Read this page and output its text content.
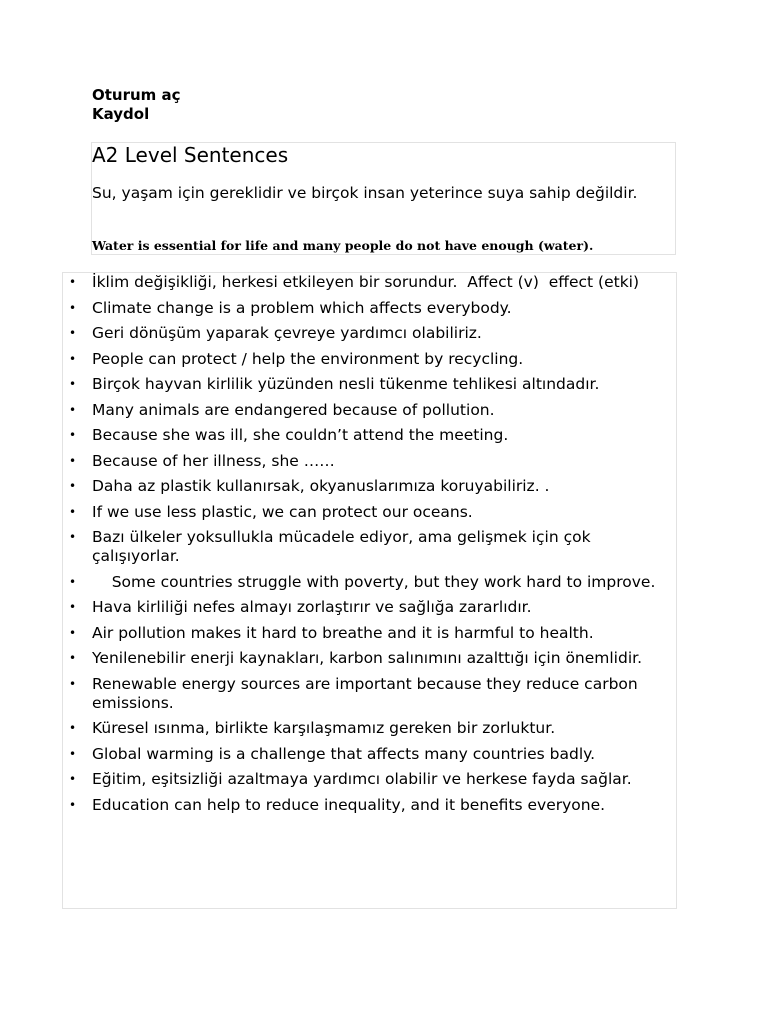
Oturum aç
Kaydol
A2 Level Sentences

Su, yaşam için gereklidir ve birçok insan yeterince suya sahip değildir.

Water is essential for life and many people do not have enough (water).

• İklim değişikliği, herkesi etkileyen bir sorundur.  Affect (v)  effect (etki)
• Climate change is a problem which affects everybody.
• Geri dönüşüm yaparak çevreye yardımcı olabiliriz.
• People can protect / help the environment by recycling.
• Birçok hayvan kirlilik yüzünden nesli tükenme tehlikesi altındadır.
• Many animals are endangered because of pollution.
• Because she was ill, she couldn’t attend the meeting.
• Because of her illness, she ……
• Daha az plastik kullanırsak, okyanuslarımıza koruyabiliriz. .
• If we use less plastic, we can protect our oceans.
• Bazı ülkeler yoksullukla mücadele ediyor, ama gelişmek için çok çalışıyorlar.
• Some countries struggle with poverty, but they work hard to improve.
• Hava kirliliği nefes almayı zorlaştırır ve sağlığa zararlıdır.
• Air pollution makes it hard to breathe and it is harmful to health.
• Yenilenebilir enerji kaynakları, karbon salınımını azalttığı için önemlidir.
• Renewable energy sources are important because they reduce carbon emissions.
• Küresel ısınma, birlikte karşılaşmamız gereken bir zorluktur.
• Global warming is a challenge that affects many countries badly.
• Eğitim, eşitsizliği azaltmaya yardımcı olabilir ve herkese fayda sağlar.
• Education can help to reduce inequality, and it benefits everyone.
